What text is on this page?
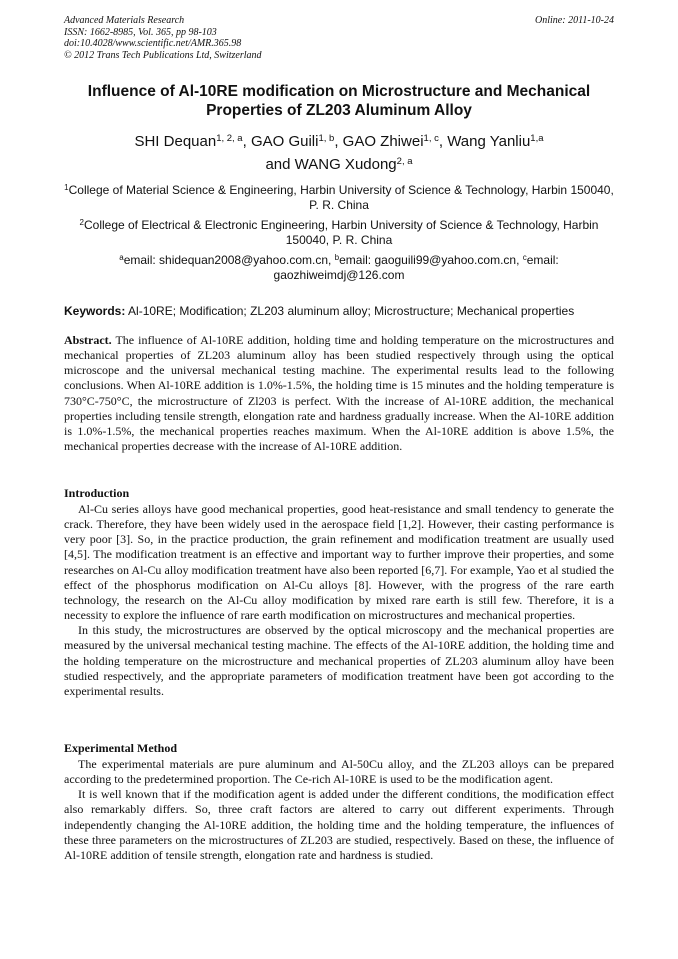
Advanced Materials Research
ISSN: 1662-8985, Vol. 365, pp 98-103
doi:10.4028/www.scientific.net/AMR.365.98
© 2012 Trans Tech Publications Ltd, Switzerland
Online: 2011-10-24
Influence of Al-10RE modification on Microstructure and Mechanical Properties of ZL203 Aluminum Alloy
SHI Dequan$^{1, 2, a}$, GAO Guili$^{1, b}$, GAO Zhiwei$^{1, c}$, Wang Yanliu$^{1,a}$
and WANG Xudong$^{2, a}$
$^1$College of Material Science & Engineering, Harbin University of Science & Technology, Harbin 150040, P. R. China
$^2$College of Electrical & Electronic Engineering, Harbin University of Science & Technology, Harbin 150040, P. R. China
$^a$email: shidequan2008@yahoo.com.cn, $^b$email: gaoguili99@yahoo.com.cn, $^c$email: gaozhiweimdj@126.com
Keywords: Al-10RE; Modification; ZL203 aluminum alloy; Microstructure; Mechanical properties
Abstract. The influence of Al-10RE addition, holding time and holding temperature on the microstructures and mechanical properties of ZL203 aluminum alloy has been studied respectively through using the optical microscope and the universal mechanical testing machine. The experimental results lead to the following conclusions. When Al-10RE addition is 1.0%-1.5%, the holding time is 15 minutes and the holding temperature is 730°C-750°C, the microstructure of Zl203 is perfect. With the increase of Al-10RE addition, the mechanical properties including tensile strength, elongation rate and hardness gradually increase. When the Al-10RE addition is 1.0%-1.5%, the mechanical properties reaches maximum. When the Al-10RE addition is above 1.5%, the mechanical properties decrease with the increase of Al-10RE addition.
Introduction

Al-Cu series alloys have good mechanical properties, good heat-resistance and small tendency to generate the crack. Therefore, they have been widely used in the aerospace field [1,2]. However, their casting performance is very poor [3]. So, in the practice production, the grain refinement and modification treatment are usually used [4,5]. The modification treatment is an effective and important way to further improve their properties, and some researches on Al-Cu alloy modification treatment have also been reported [6,7]. For example, Yao et al studied the effect of the phosphorus modification on Al-Cu alloys [8]. However, with the progress of the rare earth technology, the research on the Al-Cu alloy modification by mixed rare earth is still few. Therefore, it is a necessity to explore the influence of rare earth modification on microstructures and mechanical properties.

In this study, the microstructures are observed by the optical microscopy and the mechanical properties are measured by the universal mechanical testing machine. The effects of the Al-10RE addition, the holding time and the holding temperature on the microstructure and mechanical properties of ZL203 aluminum alloy have been studied respectively, and the appropriate parameters of modification treatment have been got according to the experimental results.

Experimental Method

The experimental materials are pure aluminum and Al-50Cu alloy, and the ZL203 alloys can be prepared according to the predetermined proportion. The Ce-rich Al-10RE is used to be the modification agent.

It is well known that if the modification agent is added under the different conditions, the modification effect also remarkably differs. So, three craft factors are altered to carry out different experiments. Through independently changing the Al-10RE addition, the holding time and the holding temperature, the influences of these three parameters on the microstructures of ZL203 are studied, respectively. Based on these, the influence of Al-10RE addition of tensile strength, elongation rate and hardness is studied.
